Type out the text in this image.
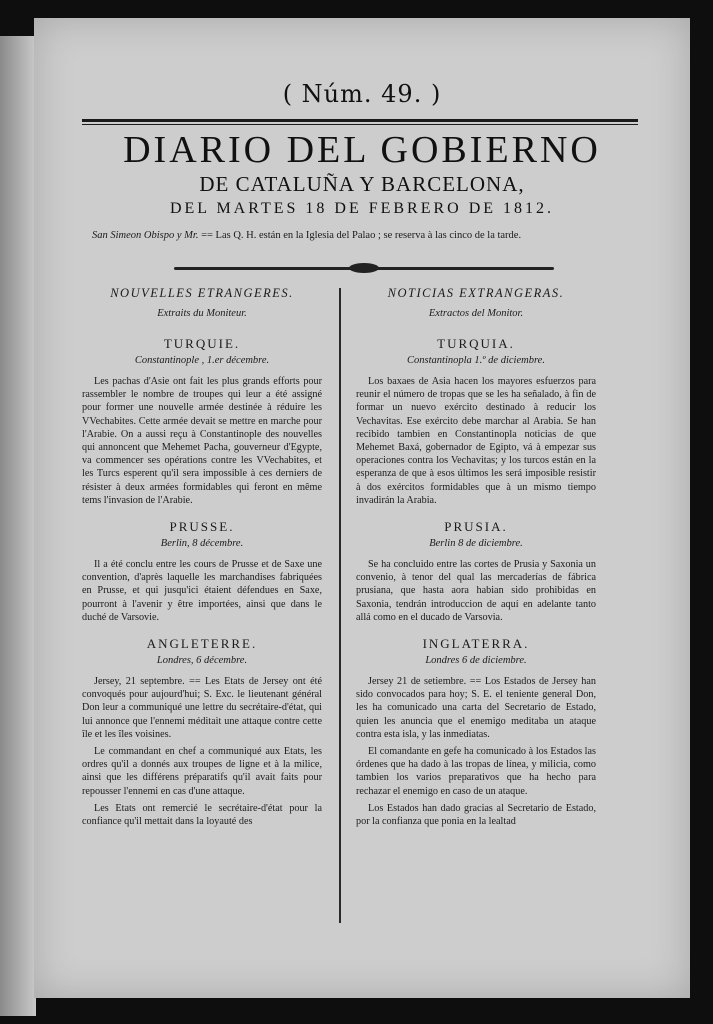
( Núm. 49. )
DIARIO DEL GOBIERNO
DE CATALUÑA Y BARCELONA,
DEL MARTES 18 DE FEBRERO DE 1812.
San Simeon Obispo y Mr. == Las Q. H. están en la Iglesia del Palao ; se reserva à las cinco de la tarde.
NOUVELLES ETRANGERES.
Extraits du Moniteur.
TURQUIE.
Constantinople , 1.er décembre.
Les pachas d'Asie ont fait les plus grands efforts pour rassembler le nombre de troupes qui leur a été assigné pour former une nouvelle armée destinée à réduire les VVechabites. Cette armée devait se mettre en marche pour l'Arabie. On a aussi reçu à Constantinople des nouvelles qui annoncent que Mehemet Pacha, gouverneur d'Egypte, va commencer ses opérations contre les VVechabites, et les Turcs esperent qu'il sera impossible à ces derniers de résister à deux armées formidables qui feront en même tems l'invasion de l'Arabie.
PRUSSE.
Berlin, 8 décembre.
Il a été conclu entre les cours de Prusse et de Saxe une convention, d'après laquelle les marchandises fabriquées en Prusse, et qui jusqu'ici étaient défendues en Saxe, pourront à l'avenir y être importées, ainsi que dans le duché de Varsovie.
ANGLETERRE.
Londres, 6 décembre.
Jersey, 21 septembre. == Les Etats de Jersey ont été convoqués pour aujourd'hui; S. Exc. le lieutenant général Don leur a communiqué une lettre du secrétaire-d'état, qui lui annonce que l'ennemi méditait une attaque contre cette île et les îles voisines.
Le commandant en chef a communiqué aux Etats, les ordres qu'il a donnés aux troupes de ligne et à la milice, ainsi que les différens préparatifs qu'il avait faits pour repousser l'ennemi en cas d'une attaque.
Les Etats ont remercié le secrétaire-d'état pour la confiance qu'il mettait dans la loyauté des
NOTICIAS EXTRANGERAS.
Extractos del Monitor.
TURQUIA.
Constantinopla 1.º de diciembre.
Los baxaes de Asia hacen los mayores esfuerzos para reunir el número de tropas que se les ha señalado, à fin de formar un nuevo exército destinado à reducir los Vechavitas. Ese exército debe marchar al Arabia. Se han recibido tambien en Constantinopla noticias de que Mehemet Baxá, gobernador de Egipto, vá à empezar sus operaciones contra los Vechavitas; y los turcos están en la esperanza de que à esos últimos les será imposible resistir à dos exércitos formidables que à un mismo tiempo invadirán la Arabia.
PRUSIA.
Berlin 8 de diciembre.
Se ha concluido entre las cortes de Prusia y Saxonia un convenio, à tenor del qual las mercaderías de fábrica prusiana, que hasta aora habian sido prohibidas en Saxonia, tendrán introduccion de aquí en adelante tanto allá como en el ducado de Varsovia.
INGLATERRA.
Londres 6 de diciembre.
Jersey 21 de setiembre. == Los Estados de Jersey han sido convocados para hoy; S. E. el teniente general Don, les ha comunicado una carta del Secretario de Estado, quien les anuncia que el enemigo meditaba un ataque contra esta isla, y las inmediatas.
El comandante en gefe ha comunicado à los Estados las órdenes que ha dado à las tropas de línea, y milicia, como tambien los varios preparativos que ha hecho para rechazar el enemigo en caso de un ataque.
Los Estados han dado gracias al Secretario de Estado, por la confianza que ponia en la lealtad
